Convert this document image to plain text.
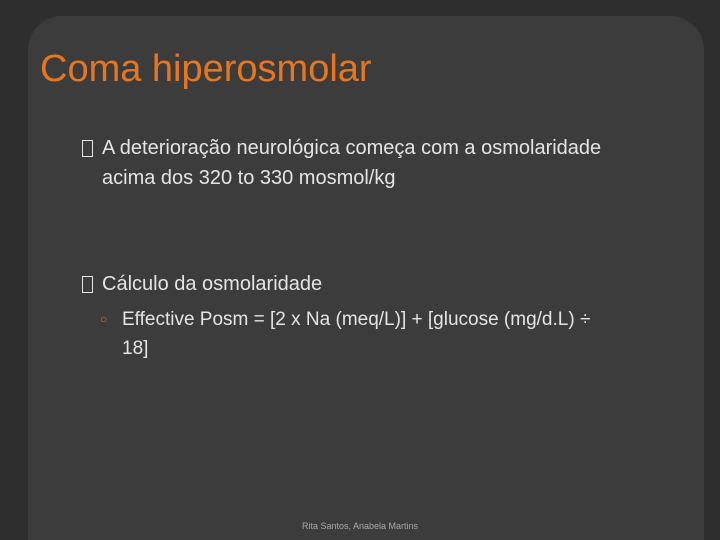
Coma hiperosmolar
A deterioração neurológica começa com a osmolaridade acima dos 320 to 330 mosmol/kg
Cálculo da osmolaridade
○ Effective Posm = [2 x Na (meq/L)] + [glucose (mg/d.L) ÷ 18]
Rita Santos, Anabela Martins
